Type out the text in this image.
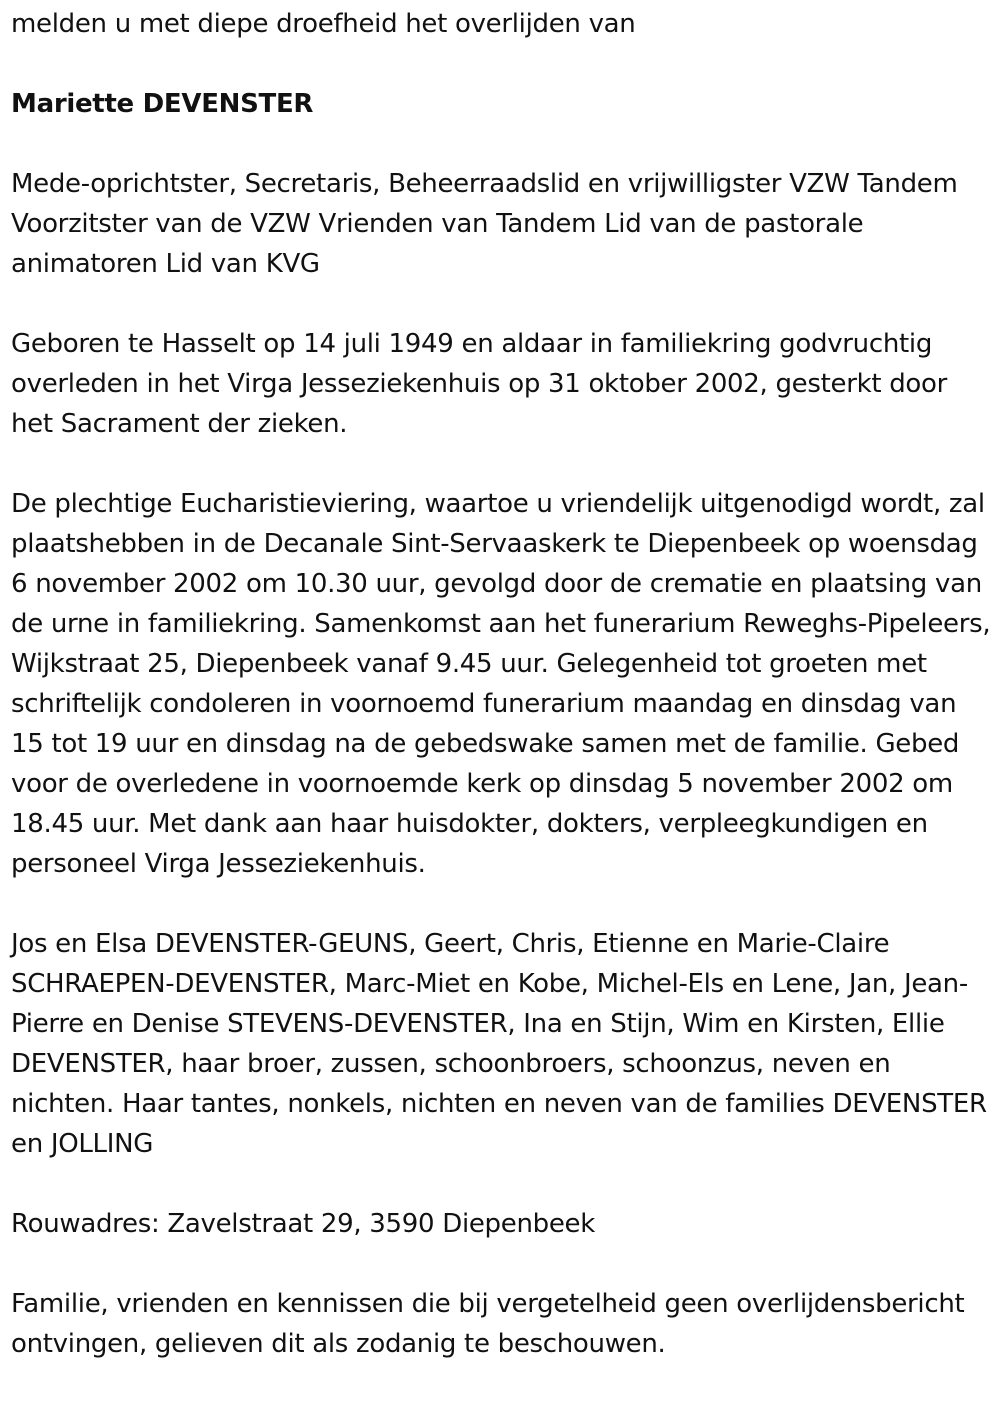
melden u met diepe droefheid het overlijden van

Mariette DEVENSTER

Mede-oprichtster, Secretaris, Beheerraadslid en vrijwilligster VZW Tandem Voorzitster van de VZW Vrienden van Tandem Lid van de pastorale animatoren Lid van KVG

Geboren te Hasselt op 14 juli 1949 en aldaar in familiekring godvruchtig overleden in het Virga Jesseziekenhuis op 31 oktober 2002, gesterkt door het Sacrament der zieken.

De plechtige Eucharistieviering, waartoe u vriendelijk uitgenodigd wordt, zal plaatshebben in de Decanale Sint-Servaaskerk te Diepenbeek op woensdag 6 november 2002 om 10.30 uur, gevolgd door de crematie en plaatsing van de urne in familiekring. Samenkomst aan het funerarium Reweghs-Pipeleers, Wijkstraat 25, Diepenbeek vanaf 9.45 uur. Gelegenheid tot groeten met schriftelijk condoleren in voornoemd funerarium maandag en dinsdag van 15 tot 19 uur en dinsdag na de gebedswake samen met de familie. Gebed voor de overledene in voornoemde kerk op dinsdag 5 november 2002 om 18.45 uur. Met dank aan haar huisdokter, dokters, verpleegkundigen en personeel Virga Jesseziekenhuis.

Jos en Elsa DEVENSTER-GEUNS, Geert, Chris, Etienne en Marie-Claire SCHRAEPEN-DEVENSTER, Marc-Miet en Kobe, Michel-Els en Lene, Jan, Jean-Pierre en Denise STEVENS-DEVENSTER, Ina en Stijn, Wim en Kirsten, Ellie DEVENSTER, haar broer, zussen, schoonbroers, schoonzus, neven en nichten. Haar tantes, nonkels, nichten en neven van de families DEVENSTER en JOLLING

Rouwadres: Zavelstraat 29, 3590 Diepenbeek

Familie, vrienden en kennissen die bij vergetelheid geen overlijdensbericht ontvingen, gelieven dit als zodanig te beschouwen.
